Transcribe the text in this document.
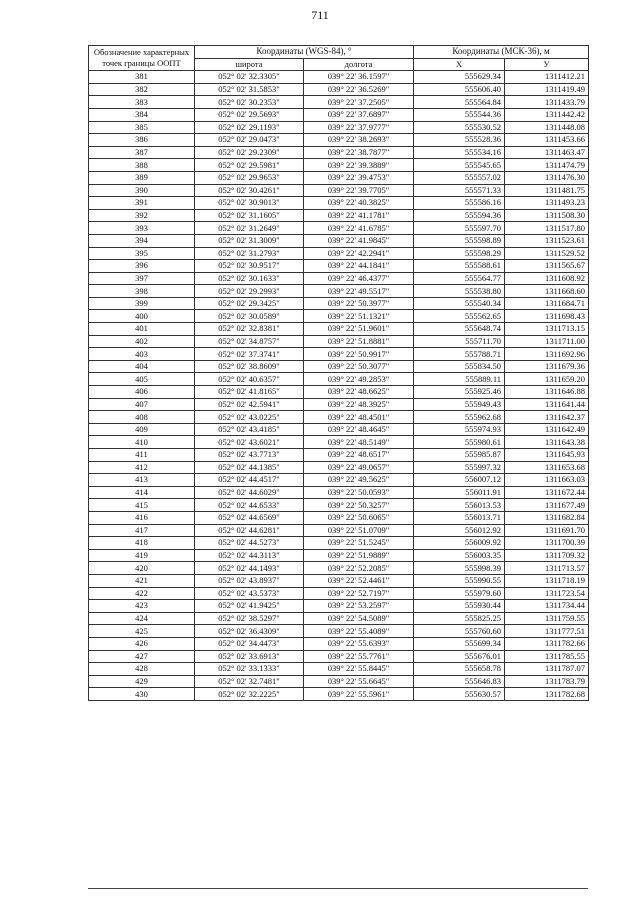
711
Обозначение характерных точек границы ООПТ	Координаты (WGS-84), °		Координаты (МСК-36), м	
	широта	долгота	X	У
381	052° 02' 32.3305"	039° 22' 36.1597"	555629.34	1311412.21
382	052° 02' 31.5853"	039° 22' 36.5269"	555606.40	1311419.49
383	052° 02' 30.2353"	039° 22' 37.2505"	555564.84	1311433.79
384	052° 02' 29.5693"	039° 22' 37.6897"	555544.36	1311442.42
385	052° 02' 29.1193"	039° 22' 37.9777"	555530.52	1311448.08
386	052° 02' 29.0473"	039° 22' 38.2693"	555528.36	1311453.66
387	052° 02' 29.2309"	039° 22' 38.7877"	555534.16	1311463.47
388	052° 02' 29.5981"	039° 22' 39.3889"	555545.65	1311474.79
389	052° 02' 29.9653"	039° 22' 39.4753"	555557.02	1311476.30
390	052° 02' 30.4261"	039° 22' 39.7705"	555571.33	1311481.75
391	052° 02' 30.9013"	039° 22' 40.3825"	555586.16	1311493.23
392	052° 02' 31.1605"	039° 22' 41.1781"	555594.36	1311508.30
393	052° 02' 31.2649"	039° 22' 41.6785"	555597.70	1311517.80
394	052° 02' 31.3009"	039° 22' 41.9845"	555598.89	1311523.61
395	052° 02' 31.2793"	039° 22' 42.2941"	555598.29	1311529.52
396	052° 02' 30.9517"	039° 22' 44.1841"	555588.61	1311565.67
397	052° 02' 30.1633"	039° 22' 46.4377"	555564.77	1311608.92
398	052° 02' 29.2993"	039° 22' 49.5517"	555538.80	1311668.60
399	052° 02' 29.3425"	039° 22' 50.3977"	555540.34	1311684.71
400	052° 02' 30.0589"	039° 22' 51.1321"	555562.65	1311698.43
401	052° 02' 32.8381"	039° 22' 51.9601"	555648.74	1311713.15
402	052° 02' 34.8757"	039° 22' 51.8881"	555711.70	1311711.00
403	052° 02' 37.3741"	039° 22' 50.9917"	555788.71	1311692.96
404	052° 02' 38.8609"	039° 22' 50.3077"	555834.50	1311679.36
405	052° 02' 40.6357"	039° 22' 49.2853"	555889.11	1311659.20
406	052° 02' 41.8165"	039° 22' 48.6625"	555925.46	1311646.88
407	052° 02' 42.5941"	039° 22' 48.3925"	555949.43	1311641.44
408	052° 02' 43.0225"	039° 22' 48.4501"	555962.68	1311642.37
409	052° 02' 43.4185"	039° 22' 48.4645"	555974.93	1311642.49
410	052° 02' 43.6021"	039° 22' 48.5149"	555980.61	1311643.38
411	052° 02' 43.7713"	039° 22' 48.6517"	555985.87	1311645.93
412	052° 02' 44.1385"	039° 22' 49.0657"	555997.32	1311653.68
413	052° 02' 44.4517"	039° 22' 49.5625"	556007.12	1311663.03
414	052° 02' 44.6029"	039° 22' 50.0593"	556011.91	1311672.44
415	052° 02' 44.6533"	039° 22' 50.3257"	556013.53	1311677.49
416	052° 02' 44.6569"	039° 22' 50.6065"	556013.71	1311682.84
417	052° 02' 44.6281"	039° 22' 51.0709"	556012.92	1311691.70
418	052° 02' 44.5273"	039° 22' 51.5245"	556009.92	1311700.39
419	052° 02' 44.3113"	039° 22' 51.9889"	556003.35	1311709.32
420	052° 02' 44.1493"	039° 22' 52.2085"	555998.39	1311713.57
421	052° 02' 43.8937"	039° 22' 52.4461"	555990.55	1311718.19
422	052° 02' 43.5373"	039° 22' 52.7197"	555979.60	1311723.54
423	052° 02' 41.9425"	039° 22' 53.2597"	555930.44	1311734.44
424	052° 02' 38.5297"	039° 22' 54.5089"	555825.25	1311759.55
425	052° 02' 36.4309"	039° 22' 55.4089"	555760.60	1311777.51
426	052° 02' 34.4473"	039° 22' 55.6393"	555699.34	1311782.66
427	052° 02' 33.6913"	039° 22' 55.7761"	555676.01	1311785.55
428	052° 02' 33.1333"	039° 22' 55.8445"	555658.78	1311787.07
429	052° 02' 32.7481"	039° 22' 55.6645"	555646.83	1311783.79
430	052° 02' 32.2225"	039° 22' 55.5961"	555630.57	1311782.68
